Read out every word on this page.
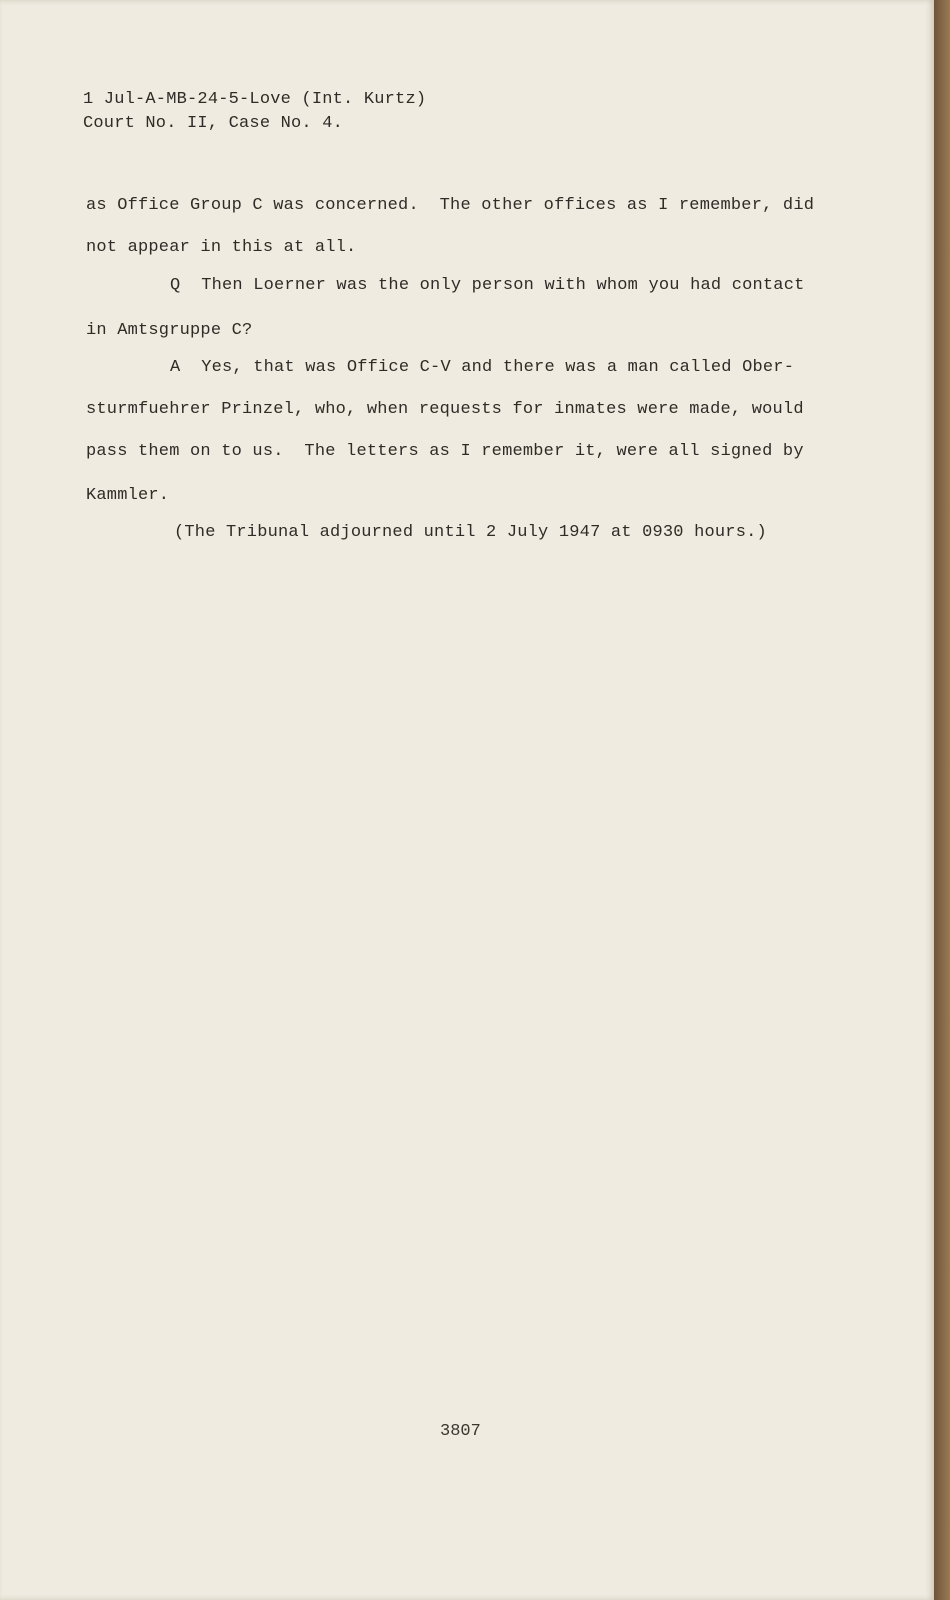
1 Jul-A-MB-24-5-Love (Int. Kurtz)
Court No. II, Case No. 4.
as Office Group C was concerned.  The other offices as I remember, did
not appear in this at all.
Q  Then Loerner was the only person with whom you had contact
in Amtsgruppe C?
A  Yes, that was Office C-V and there was a man called Ober-
sturmfuehrer Prinzel, who, when requests for inmates were made, would
pass them on to us.  The letters as I remember it, were all signed by
Kammler.
(The Tribunal adjourned until 2 July 1947 at 0930 hours.)
3807
